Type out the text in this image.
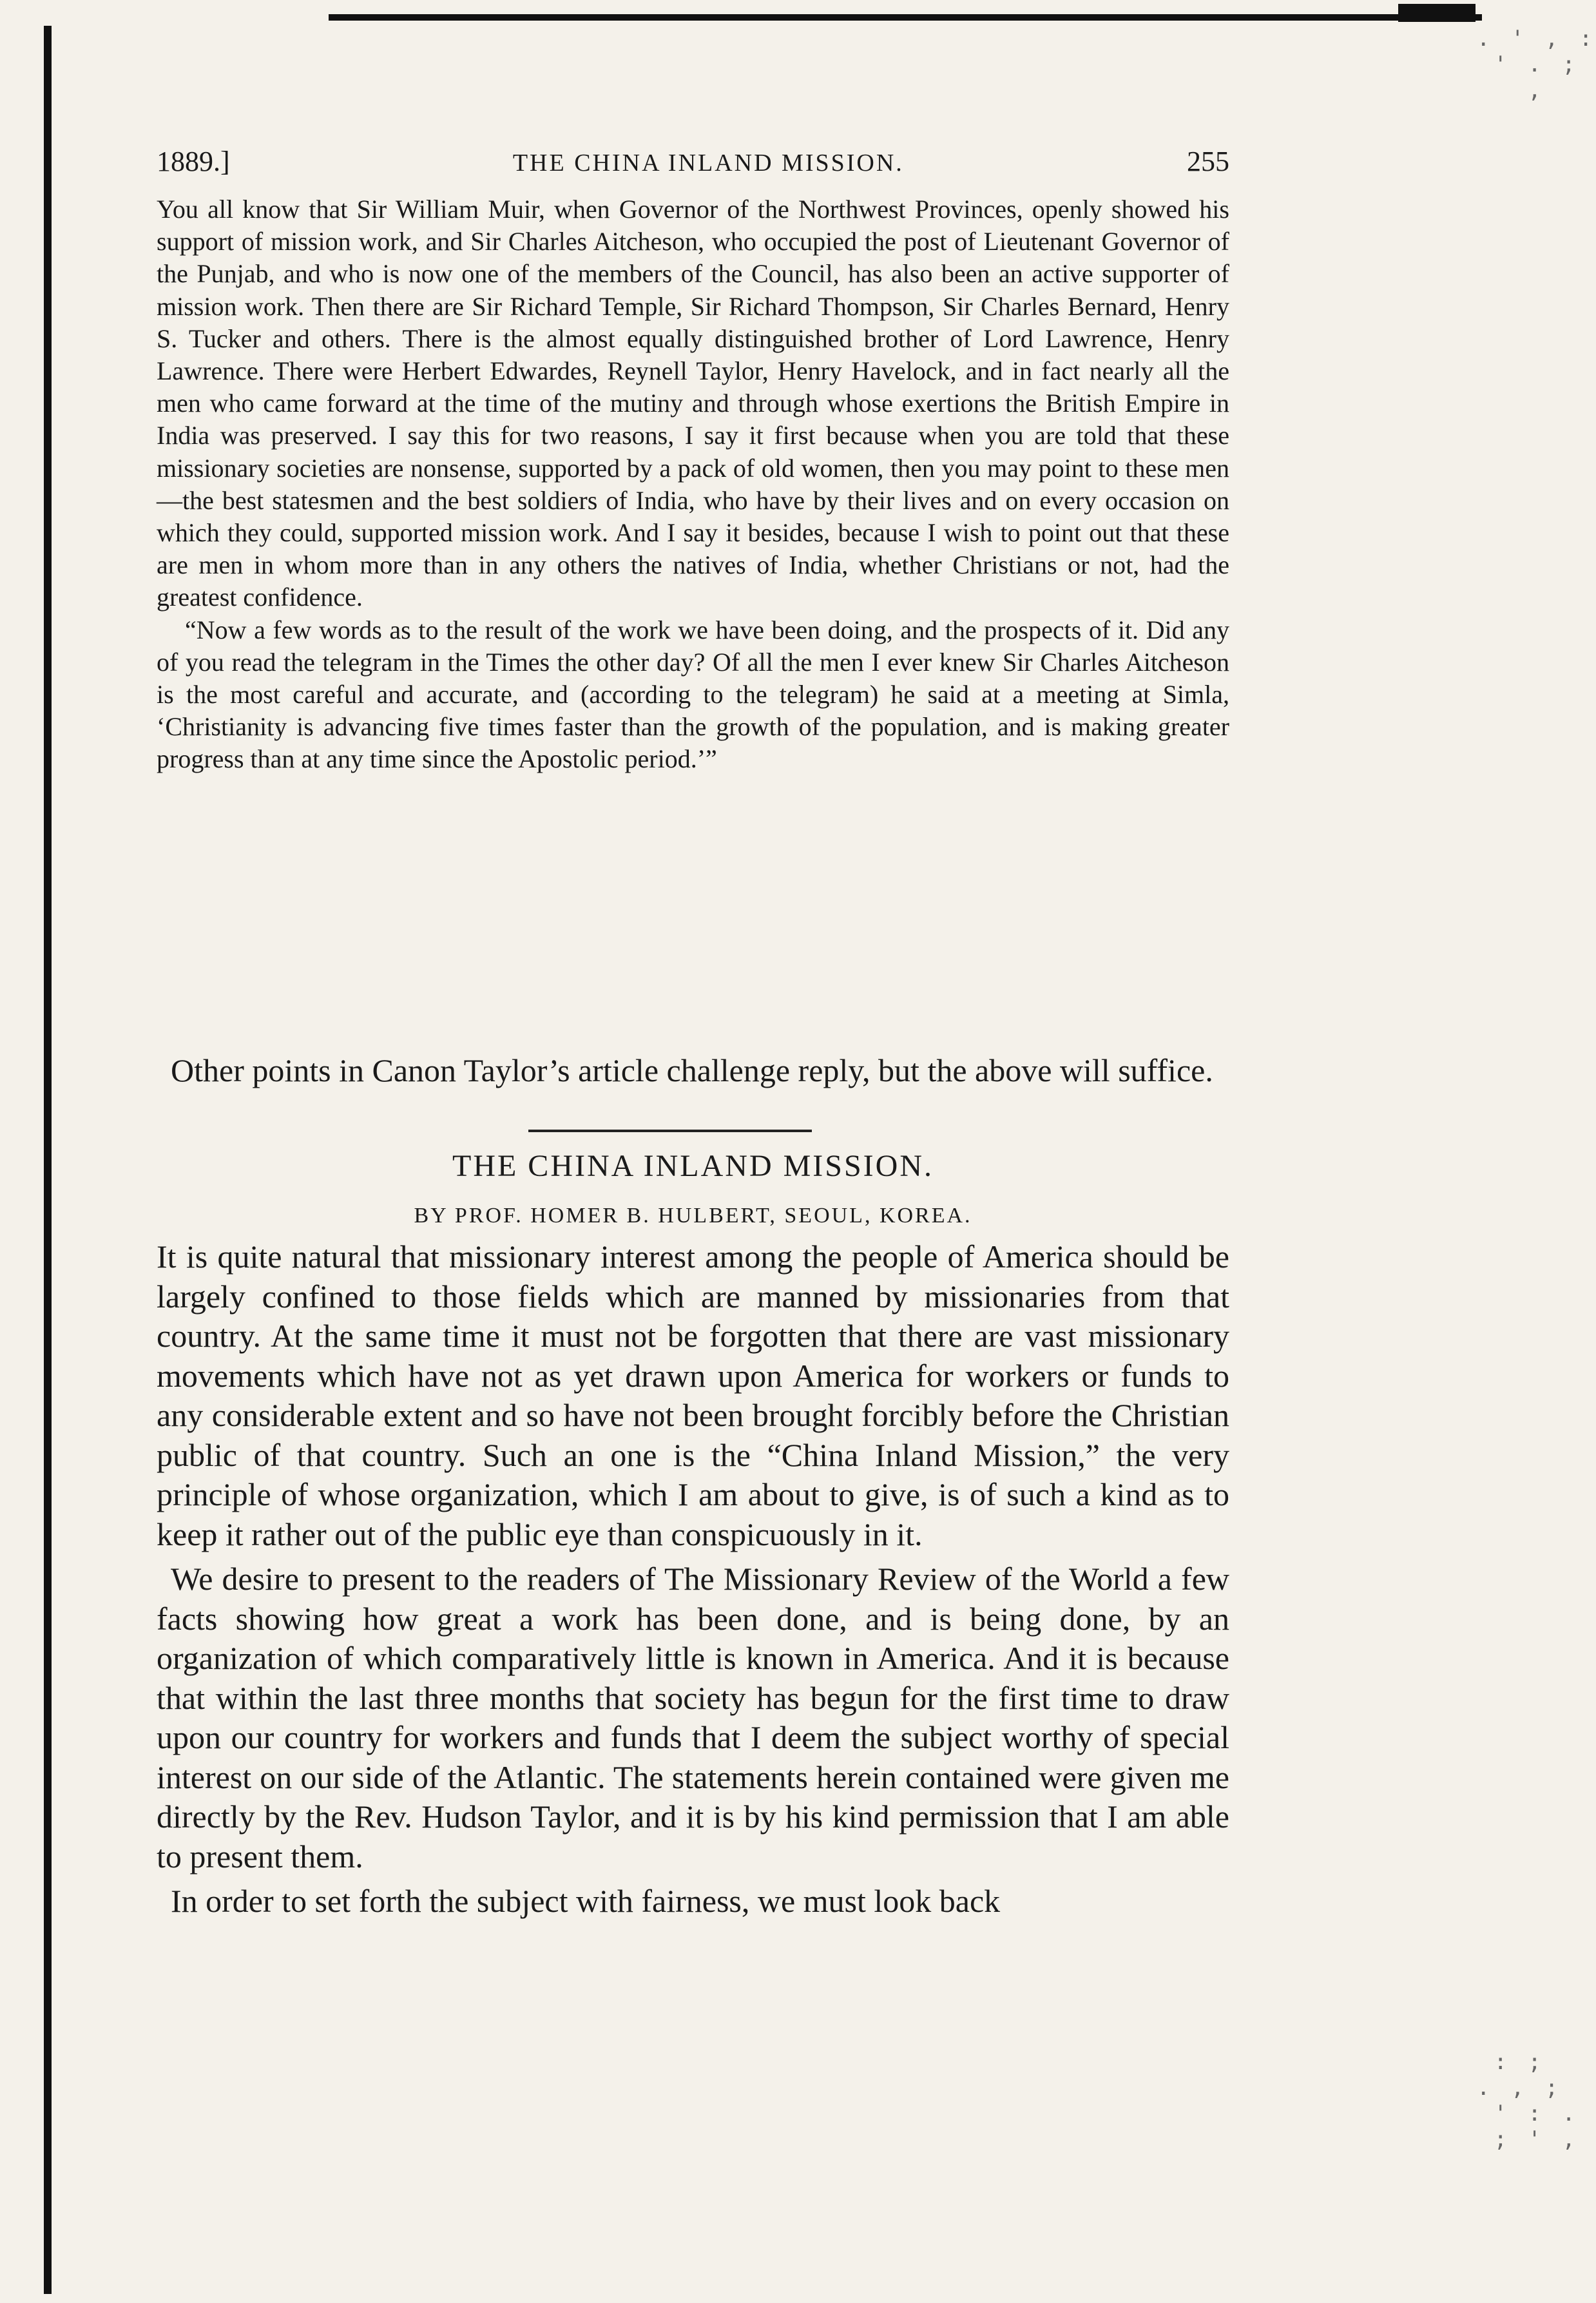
. ' , :
' . ;
,
: ;
. , ;
' : .
; ' ,
1889.]	THE CHINA INLAND MISSION.	255

You all know that Sir William Muir, when Governor of the Northwest Provinces, openly showed his support of mission work, and Sir Charles Aitcheson, who occupied the post of Lieutenant Governor of the Punjab, and who is now one of the members of the Council, has also been an active supporter of mission work. Then there are Sir Richard Temple, Sir Richard Thompson, Sir Charles Bernard, Henry S. Tucker and others. There is the almost equally distinguished brother of Lord Lawrence, Henry Lawrence. There were Herbert Edwardes, Reynell Taylor, Henry Havelock, and in fact nearly all the men who came forward at the time of the mutiny and through whose exertions the British Empire in India was preserved. I say this for two reasons, I say it first because when you are told that these missionary societies are nonsense, supported by a pack of old women, then you may point to these men—the best statesmen and the best soldiers of India, who have by their lives and on every occasion on which they could, supported mission work. And I say it besides, because I wish to point out that these are men in whom more than in any others the natives of India, whether Christians or not, had the greatest confidence.

“Now a few words as to the result of the work we have been doing, and the prospects of it. Did any of you read the telegram in the Times the other day? Of all the men I ever knew Sir Charles Aitcheson is the most careful and accurate, and (according to the telegram) he said at a meeting at Simla, ‘Christianity is advancing five times faster than the growth of the population, and is making greater progress than at any time since the Apostolic period.’”

Other points in Canon Taylor’s article challenge reply, but the above will suffice.

THE CHINA INLAND MISSION.

BY PROF. HOMER B. HULBERT, SEOUL, KOREA.

It is quite natural that missionary interest among the people of America should be largely confined to those fields which are manned by missionaries from that country. At the same time it must not be forgotten that there are vast missionary movements which have not as yet drawn upon America for workers or funds to any considerable extent and so have not been brought forcibly before the Christian public of that country. Such an one is the “China Inland Mission,” the very principle of whose organization, which I am about to give, is of such a kind as to keep it rather out of the public eye than conspicuously in it.

We desire to present to the readers of The Missionary Review of the World a few facts showing how great a work has been done, and is being done, by an organization of which comparatively little is known in America. And it is because that within the last three months that society has begun for the first time to draw upon our country for workers and funds that I deem the subject worthy of special interest on our side of the Atlantic. The statements herein contained were given me directly by the Rev. Hudson Taylor, and it is by his kind permission that I am able to present them.

In order to set forth the subject with fairness, we must look back
